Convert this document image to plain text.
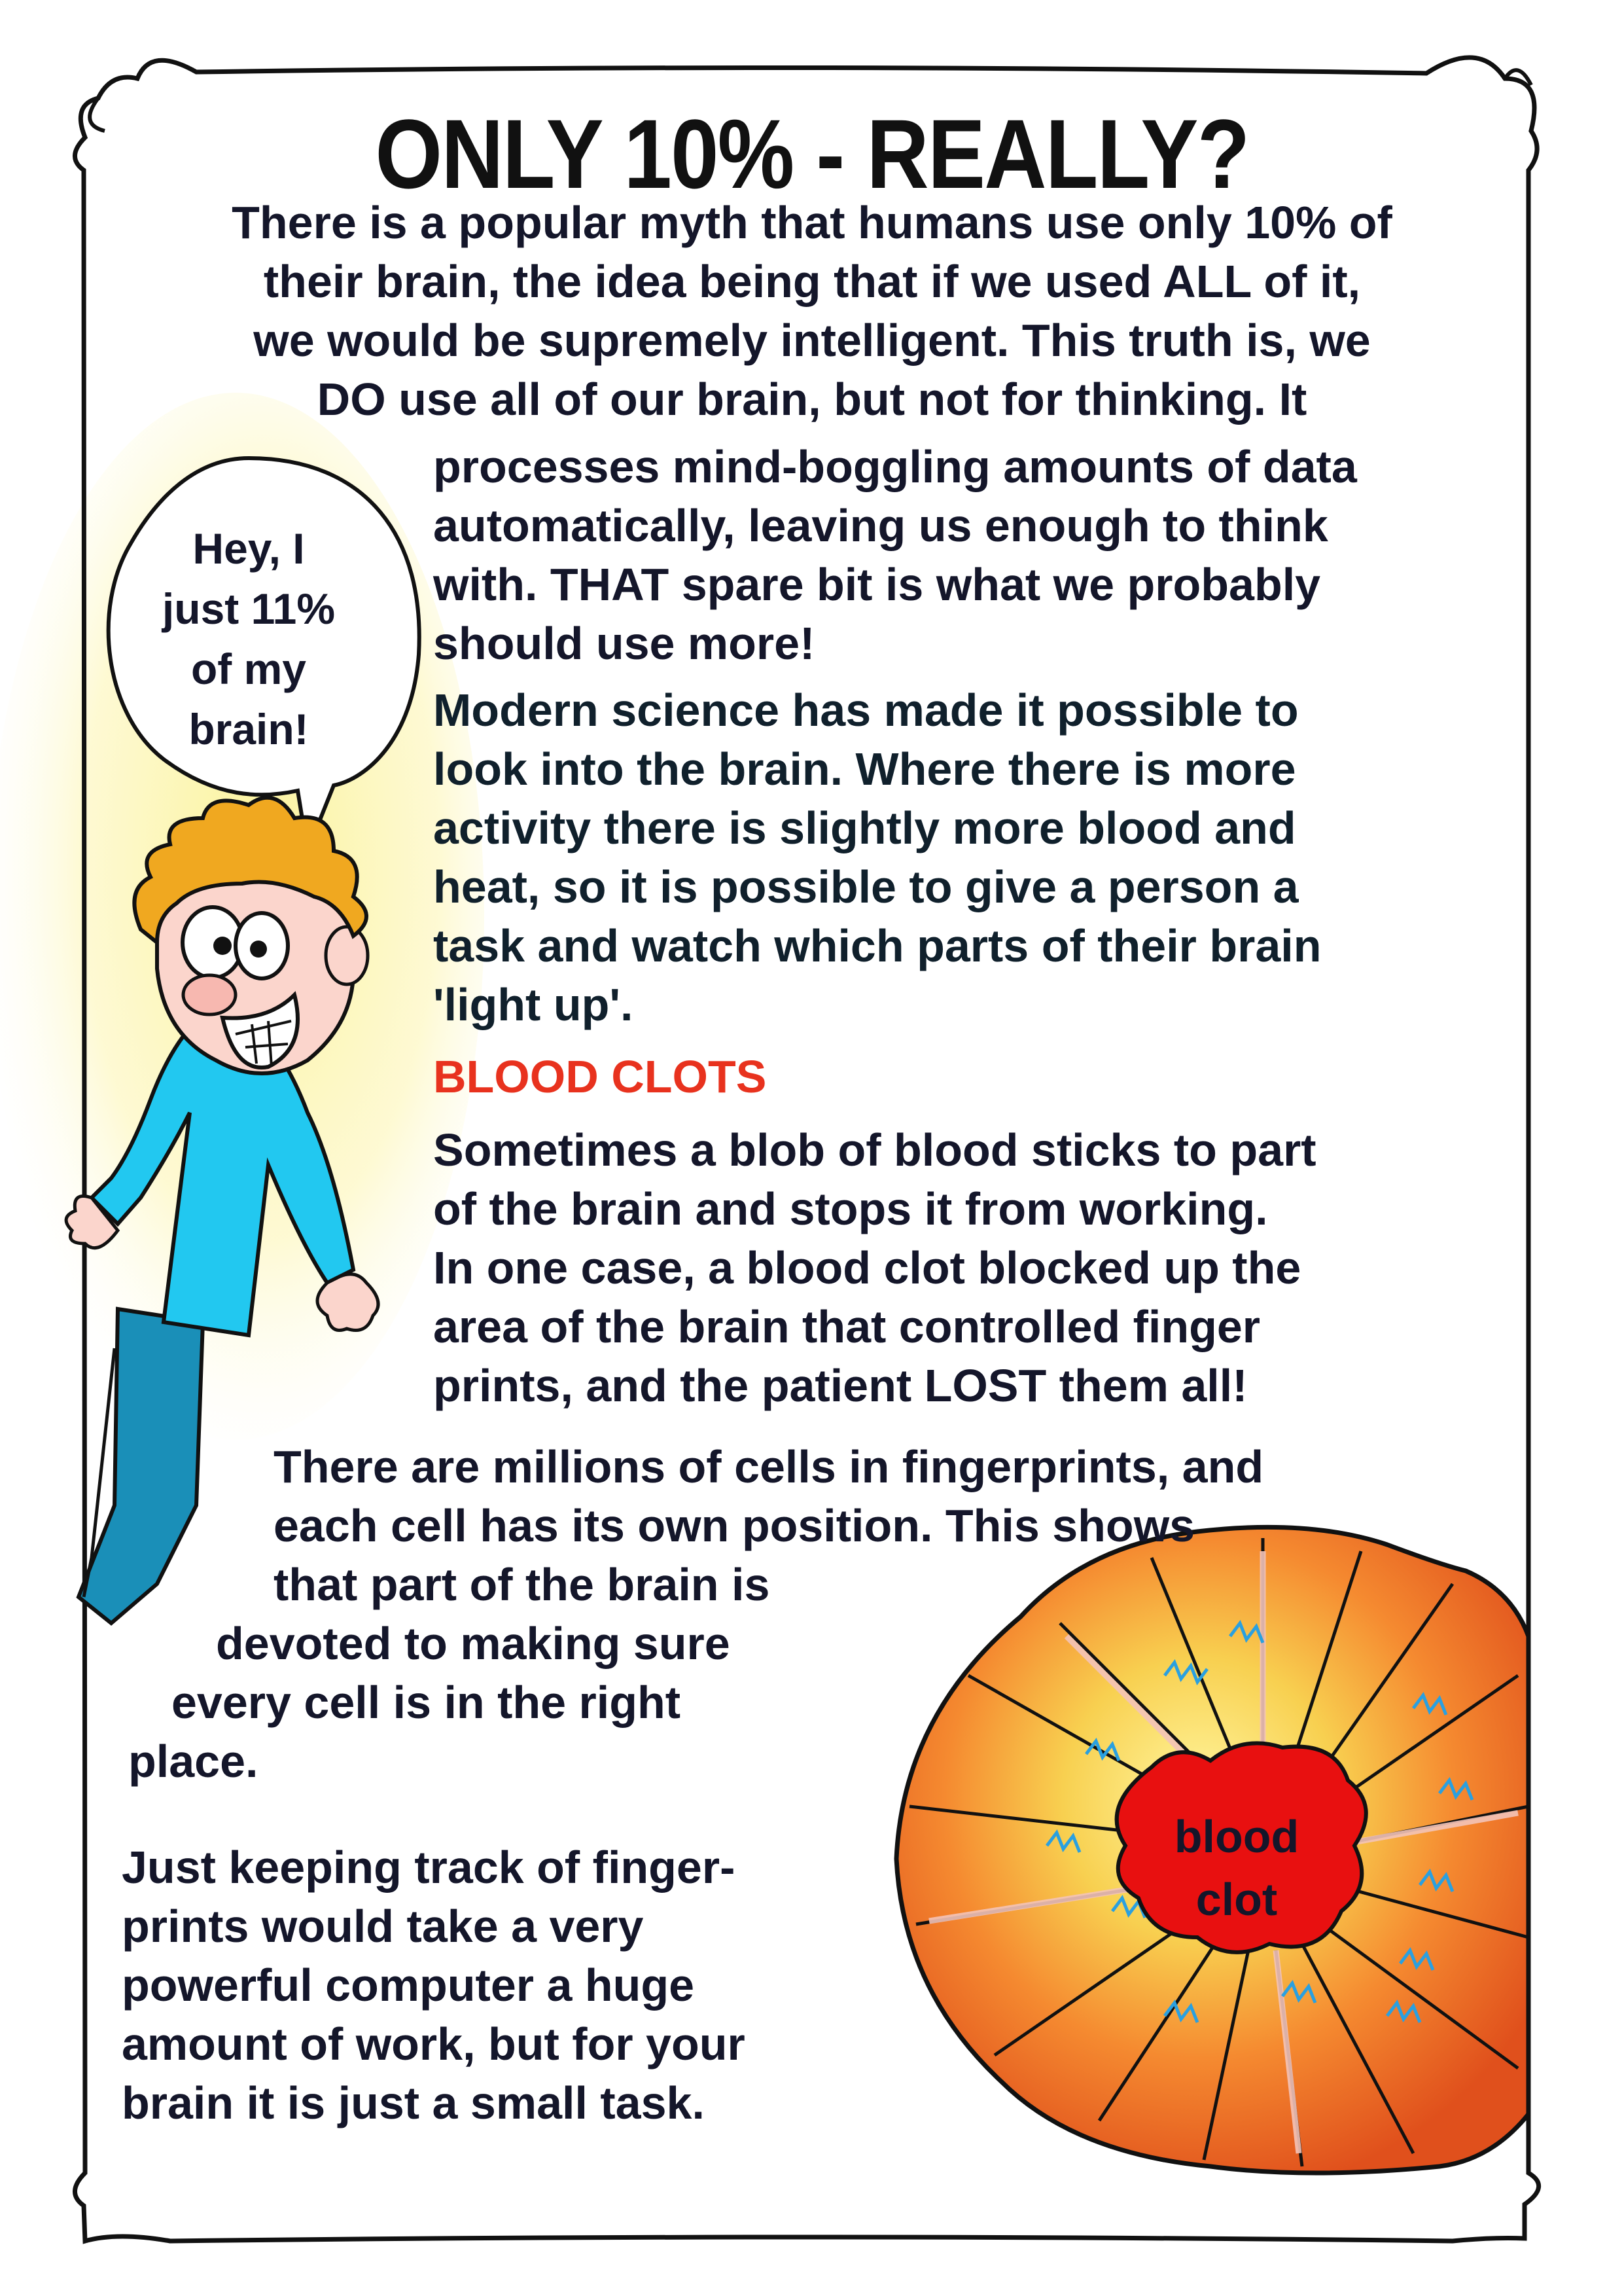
ONLY 10% - REALLY?
There is a popular myth that humans use only 10% of
their brain, the idea being that if we used ALL of it,
we would be supremely intelligent. This truth is, we
DO use all of our brain, but not for thinking. It
processes mind-boggling amounts of data
automatically, leaving us enough to think
with. THAT spare bit is what we probably
should use more!
Hey, I
just 11%
of my
brain!	Modern science has made it possible to
look into the brain. Where there is more
activity there is slightly more blood and
heat, so it is possible to give a person a
task and watch which parts of their brain
'light up'.
BLOOD CLOTS
Sometimes a blob of blood sticks to part
of the brain and stops it from working.
In one case, a blood clot blocked up the
area of the brain that controlled finger
prints, and the patient LOST them all!
There are millions of cells in fingerprints, and
each cell has its own position. This shows
that part of the brain is
devoted to making sure
every cell is in the right
place.
Just keeping track of finger-
prints would take a very
powerful computer a huge
amount of work, but for your
brain it is just a small task.
blood
clot
